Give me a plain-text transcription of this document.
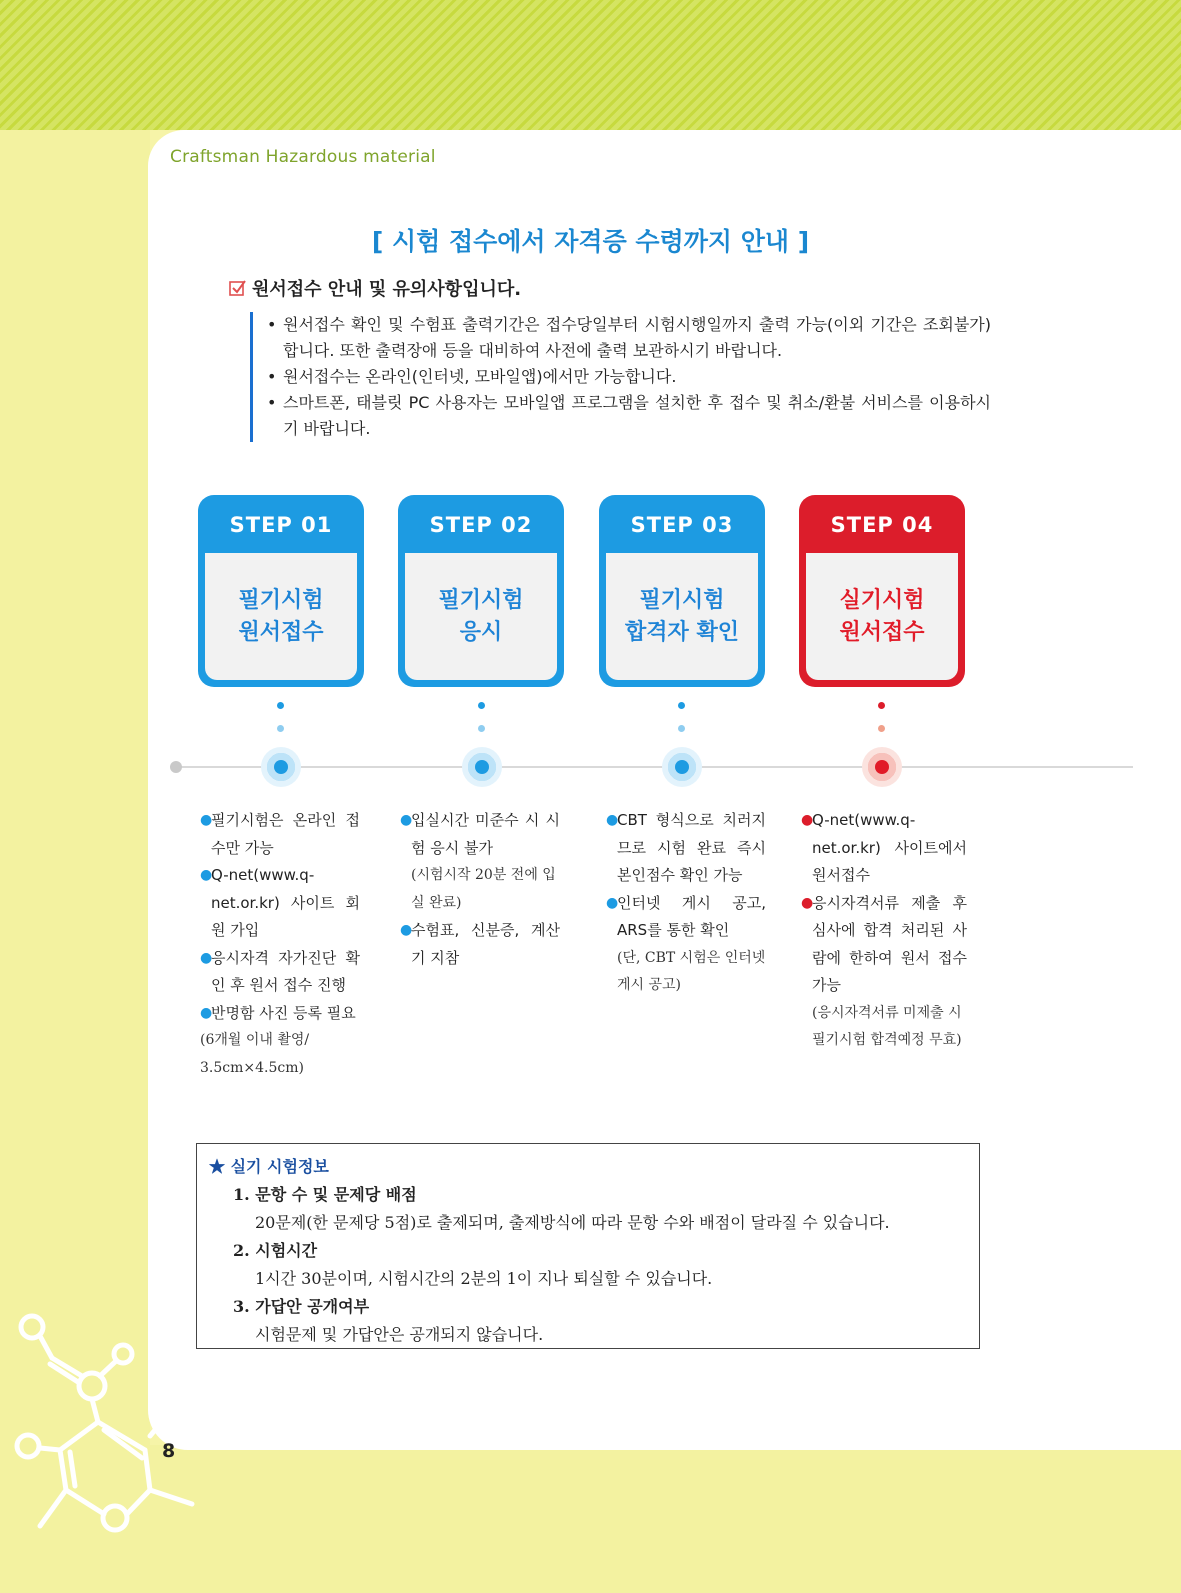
Craftsman Hazardous material
8
[ 시험 접수에서 자격증 수령까지 안내 ]
원서접수 안내 및 유의사항입니다.
• 원서접수 확인 및 수험표 출력기간은 접수당일부터 시험시행일까지 출력 가능(이외 기간은 조회불가)합니다. 또한 출력장애 등을 대비하여 사전에 출력 보관하시기 바랍니다.
• 원서접수는 온라인(인터넷, 모바일앱)에서만 가능합니다.
• 스마트폰, 태블릿 PC 사용자는 모바일앱 프로그램을 설치한 후 접수 및 취소/환불 서비스를 이용하시기 바랍니다.
STEP 01
필기시험
원서접수
STEP 02
필기시험
응시
STEP 03
필기시험
합격자 확인
STEP 04
실기시험
원서접수
●
필기시험은 온라인 접수만 가능
●
Q-net(www.q-net.or.kr) 사이트 회원 가입
●
응시자격 자가진단 확인 후 원서 접수 진행
●
반명함 사진 등록 필요
(6개월 이내 촬영/ 3.5cm×4.5cm)
●
입실시간 미준수 시 시험 응시 불가
(시험시작 20분 전에 입실 완료)
●
수험표, 신분증, 계산기 지참
●
CBT 형식으로 치러지므로 시험 완료 즉시 본인점수 확인 가능
●
인터넷 게시 공고, ARS를 통한 확인
(단, CBT 시험은 인터넷 게시 공고)
●
Q-net(www.q-net.or.kr) 사이트에서 원서접수
●
응시자격서류 제출 후 심사에 합격 처리된 사람에 한하여 원서 접수 가능
(응시자격서류 미제출 시 필기시험 합격예정 무효)
★ 실기 시험정보
1. 문항 수 및 문제당 배점
20문제(한 문제당 5점)로 출제되며, 출제방식에 따라 문항 수와 배점이 달라질 수 있습니다.
2. 시험시간
1시간 30분이며, 시험시간의 2분의 1이 지나 퇴실할 수 있습니다.
3. 가답안 공개여부
시험문제 및 가답안은 공개되지 않습니다.
